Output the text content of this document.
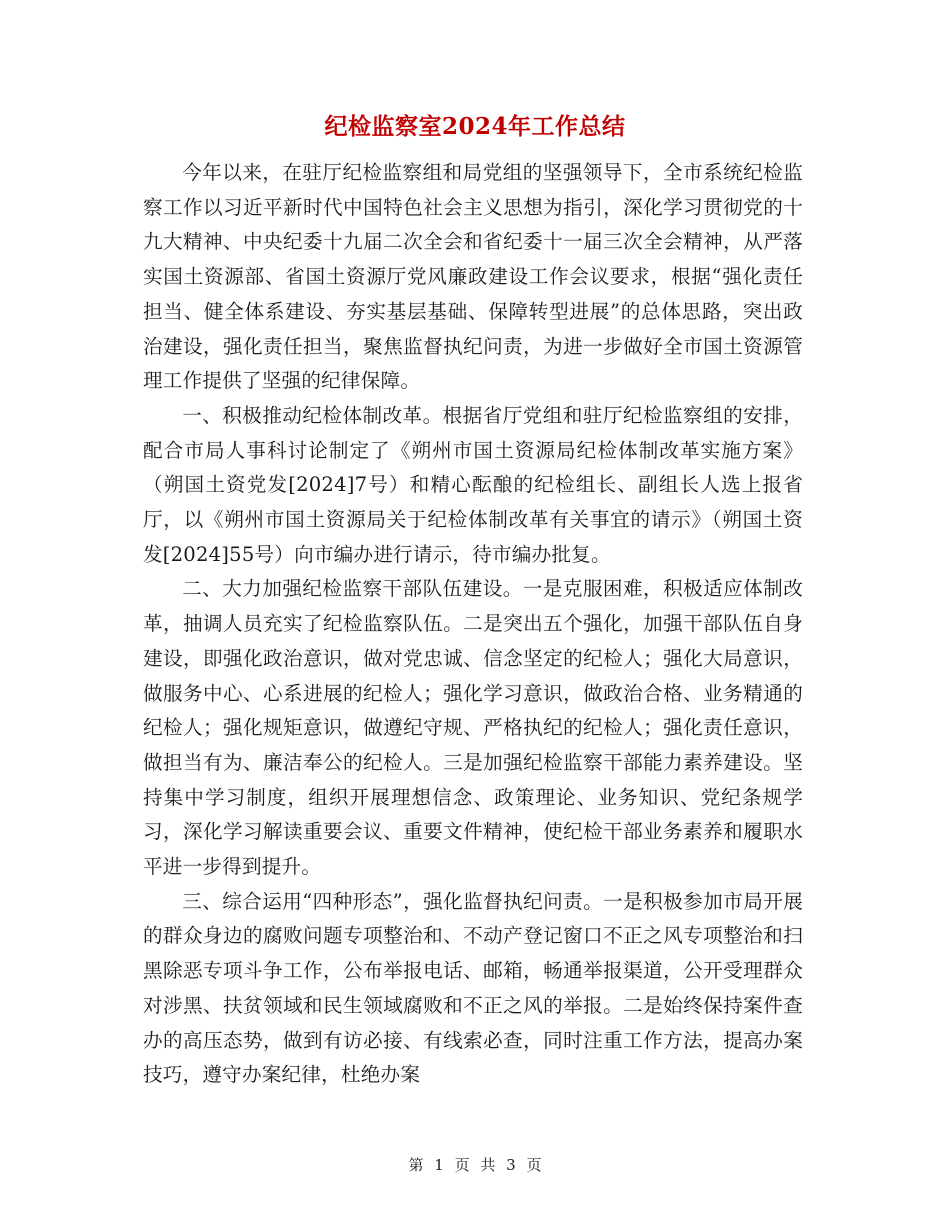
纪检监察室2024年工作总结

今年以来，在驻厅纪检监察组和局党组的坚强领导下，全市系统纪检监察工作以习近平新时代中国特色社会主义思想为指引，深化学习贯彻党的十九大精神、中央纪委十九届二次全会和省纪委十一届三次全会精神，从严落实国土资源部、省国土资源厅党风廉政建设工作会议要求，根据“强化责任担当、健全体系建设、夯实基层基础、保障转型进展”的总体思路，突出政治建设，强化责任担当，聚焦监督执纪问责，为进一步做好全市国土资源管理工作提供了坚强的纪律保障。

一、积极推动纪检体制改革。根据省厅党组和驻厅纪检监察组的安排，配合市局人事科讨论制定了《朔州市国土资源局纪检体制改革实施方案》（朔国土资党发[2024]7号）和精心酝酿的纪检组长、副组长人选上报省厅，以《朔州市国土资源局关于纪检体制改革有关事宜的请示》（朔国土资发[2024]55号）向市编办进行请示，待市编办批复。

二、大力加强纪检监察干部队伍建设。一是克服困难，积极适应体制改革，抽调人员充实了纪检监察队伍。二是突出五个强化，加强干部队伍自身建设，即强化政治意识，做对党忠诚、信念坚定的纪检人；强化大局意识，做服务中心、心系进展的纪检人；强化学习意识，做政治合格、业务精通的纪检人；强化规矩意识，做遵纪守规、严格执纪的纪检人；强化责任意识，做担当有为、廉洁奉公的纪检人。三是加强纪检监察干部能力素养建设。坚持集中学习制度，组织开展理想信念、政策理论、业务知识、党纪条规学习，深化学习解读重要会议、重要文件精神，使纪检干部业务素养和履职水平进一步得到提升。

三、综合运用“四种形态”，强化监督执纪问责。一是积极参加市局开展的群众身边的腐败问题专项整治和、不动产登记窗口不正之风专项整治和扫黑除恶专项斗争工作，公布举报电话、邮箱，畅通举报渠道，公开受理群众对涉黑、扶贫领域和民生领域腐败和不正之风的举报。二是始终保持案件查办的高压态势，做到有访必接、有线索必查，同时注重工作方法，提高办案技巧，遵守办案纪律，杜绝办案

第 1 页 共 3 页
